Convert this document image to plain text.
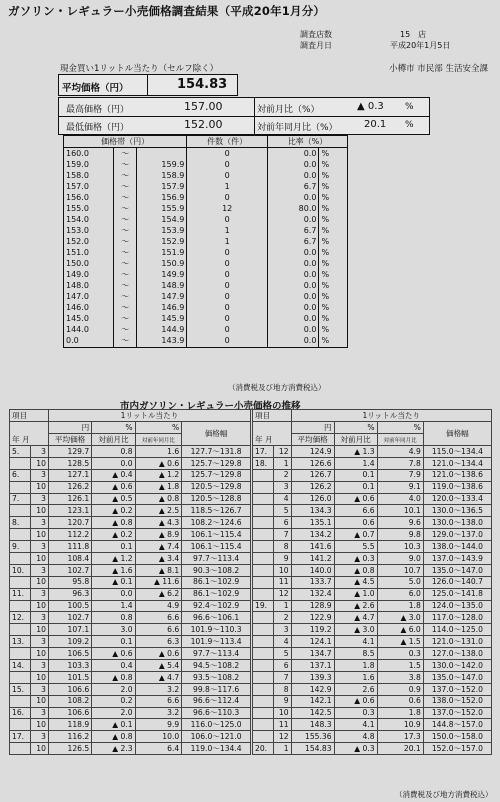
ガソリン・レギュラー小売価格調査結果（平成20年1月分）
調査店数	15　店
調査月日	平成20年1月5日
現金買い1リットル当たり（セルフ除く）	小樽市 市民部 生活安全課
平均価格（円）	154.83
最高価格（円）	157.00
最低価格（円）	152.00
対前月比（%）	▲ 0.3 %
対前年同月比（%）	20.1 %
価格帯（円）			件数（件）	比率（%）	
160.0	〜		0	0.0	%
159.0	〜	159.9	0	0.0	%
158.0	〜	158.9	0	0.0	%
157.0	〜	157.9	1	6.7	%
156.0	〜	156.9	0	0.0	%
155.0	〜	155.9	12	80.0	%
154.0	〜	154.9	0	0.0	%
153.0	〜	153.9	1	6.7	%
152.0	〜	152.9	1	6.7	%
151.0	〜	151.9	0	0.0	%
150.0	〜	150.9	0	0.0	%
149.0	〜	149.9	0	0.0	%
148.0	〜	148.9	0	0.0	%
147.0	〜	147.9	0	0.0	%
146.0	〜	146.9	0	0.0	%
145.0	〜	145.9	0	0.0	%
144.0	〜	144.9	0	0.0	%
0.0	〜	143.9	0	0.0	%
（消費税及び地方消費税込）
市内ガソリン・レギュラー小売価格の推移
項目		1リットル当たり			
年 月		円	%	%	価格幅
		平均価格	対前月比	対前年同月比	
5.	3	129.7	0.8	1.6	127.7〜131.8
	10	128.5	0.0	▲ 0.6	125.7〜129.8
6.	3	127.1	▲ 0.4	▲ 1.2	125.7〜129.8
	10	126.2	▲ 0.6	▲ 1.8	120.5〜129.8
7.	3	126.1	▲ 0.5	▲ 0.8	120.5〜128.8
	10	123.1	▲ 0.2	▲ 2.5	118.5〜126.7
8.	3	120.7	▲ 0.8	▲ 4.3	108.2〜124.6
	10	112.2	▲ 0.2	▲ 8.9	106.1〜115.4
9.	3	111.8	0.1	▲ 7.4	106.1〜115.4
	10	108.4	▲ 1.2	▲ 3.4	97.7〜113.4
10.	3	102.7	▲ 1.6	▲ 8.1	90.3〜108.2
	10	95.8	▲ 0.1	▲ 11.6	86.1〜102.9
11.	3	96.3	0.0	▲ 6.2	86.1〜102.9
	10	100.5	1.4	4.9	92.4〜102.9
12.	3	102.7	0.8	6.6	96.6〜106.1
	10	107.1	3.0	6.6	101.9〜110.3
13.	3	109.2	0.1	6.3	101.9〜113.4
	10	106.5	▲ 0.6	▲ 0.6	97.7〜113.4
14.	3	103.3	0.4	▲ 5.4	94.5〜108.2
	10	101.5	▲ 0.8	▲ 4.7	93.5〜108.2
15.	3	106.6	2.0	3.2	99.8〜117.6
	10	108.2	0.2	6.6	96.6〜112.4
16.	3	106.6	2.0	3.2	96.6〜110.3
	10	118.9	▲ 0.1	9.9	116.0〜125.0
17.	3	116.2	▲ 0.8	10.0	106.0〜121.0
	10	126.5	▲ 2.3	6.4	119.0〜134.4
項目		1リットル当たり			
年 月		円	%	%	価格幅
		平均価格	対前月比	対前年同月比	
17.	12	124.9	▲ 1.3	4.9	115.0〜134.4
18.	1	126.6	1.4	7.8	121.0〜134.4
	2	126.7	0.1	7.9	121.0〜138.6
	3	126.2	0.1	9.1	119.0〜138.6
	4	126.0	▲ 0.6	4.0	120.0〜133.4
	5	134.3	6.6	10.1	130.0〜136.5
	6	135.1	0.6	9.6	130.0〜138.0
	7	134.2	▲ 0.7	9.8	129.0〜137.0
	8	141.6	5.5	10.3	138.0〜144.0
	9	141.2	▲ 0.3	9.0	137.0〜143.9
	10	140.0	▲ 0.8	10.7	135.0〜147.0
	11	133.7	▲ 4.5	5.0	126.0〜140.7
	12	132.4	▲ 1.0	6.0	125.0〜141.8
19.	1	128.9	▲ 2.6	1.8	124.0〜135.0
	2	122.9	▲ 4.7	▲ 3.0	117.0〜128.0
	3	119.2	▲ 3.0	▲ 6.0	114.0〜125.0
	4	124.1	4.1	▲ 1.5	121.0〜131.0
	5	134.7	8.5	0.3	127.0〜138.0
	6	137.1	1.8	1.5	130.0〜142.0
	7	139.3	1.6	3.8	135.0〜147.0
	8	142.9	2.6	0.9	137.0〜152.0
	9	142.1	▲ 0.6	0.6	138.0〜152.0
	10	142.5	0.3	1.8	137.0〜152.0
	11	148.3	4.1	10.9	144.8〜157.0
	12	155.36	4.8	17.3	150.0〜158.0
20.	1	154.83	▲ 0.3	20.1	152.0〜157.0
（消費税及び地方消費税込）
